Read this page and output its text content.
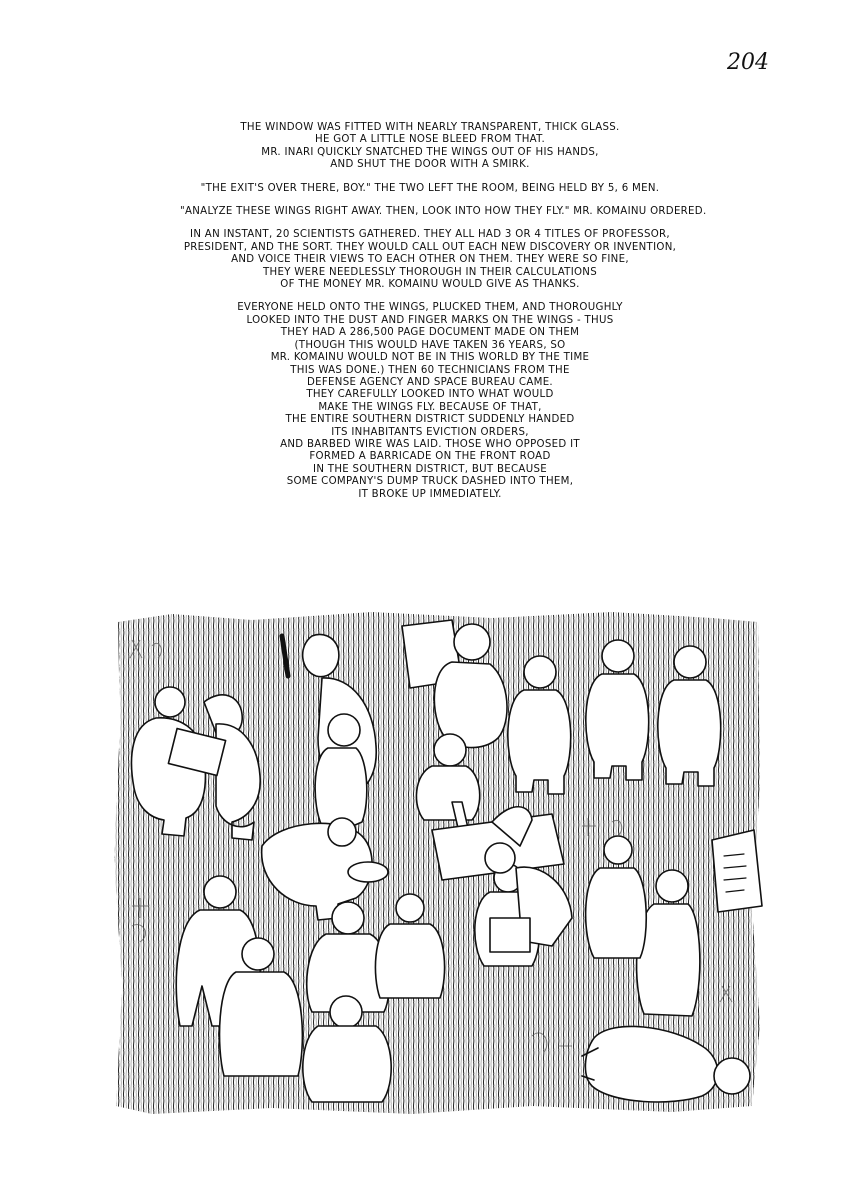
204

THE WINDOW WAS FITTED WITH NEARLY TRANSPARENT, THICK GLASS.
HE GOT A LITTLE NOSE BLEED FROM THAT.
MR. INARI QUICKLY SNATCHED THE WINGS OUT OF HIS HANDS,
AND SHUT THE DOOR WITH A SMIRK.

"THE EXIT'S OVER THERE, BOY." THE TWO LEFT THE ROOM, BEING HELD BY 5, 6 MEN.

"ANALYZE THESE WINGS RIGHT AWAY. THEN, LOOK INTO HOW THEY FLY." MR. KOMAINU ORDERED.

IN AN INSTANT, 20 SCIENTISTS GATHERED. THEY ALL HAD 3 OR 4 TITLES OF PROFESSOR,
PRESIDENT, AND THE SORT. THEY WOULD CALL OUT EACH NEW DISCOVERY OR INVENTION,
AND VOICE THEIR VIEWS TO EACH OTHER ON THEM. THEY WERE SO FINE,
THEY WERE NEEDLESSLY THOROUGH IN THEIR CALCULATIONS
OF THE MONEY MR. KOMAINU WOULD GIVE AS THANKS.

EVERYONE HELD ONTO THE WINGS, PLUCKED THEM, AND THOROUGHLY
LOOKED INTO THE DUST AND FINGER MARKS ON THE WINGS - THUS
THEY HAD A 286,500 PAGE DOCUMENT MADE ON THEM
(THOUGH THIS WOULD HAVE TAKEN 36 YEARS, SO
MR. KOMAINU WOULD NOT BE IN THIS WORLD BY THE TIME
THIS WAS DONE.) THEN 60 TECHNICIANS FROM THE
DEFENSE AGENCY AND SPACE BUREAU CAME.
THEY CAREFULLY LOOKED INTO WHAT WOULD
MAKE THE WINGS FLY. BECAUSE OF THAT,
THE ENTIRE SOUTHERN DISTRICT SUDDENLY HANDED
ITS INHABITANTS EVICTION ORDERS,
AND BARBED WIRE WAS LAID. THOSE WHO OPPOSED IT
FORMED A BARRICADE ON THE FRONT ROAD
IN THE SOUTHERN DISTRICT, BUT BECAUSE
SOME COMPANY'S DUMP TRUCK DASHED INTO THEM,
IT BROKE UP IMMEDIATELY.
